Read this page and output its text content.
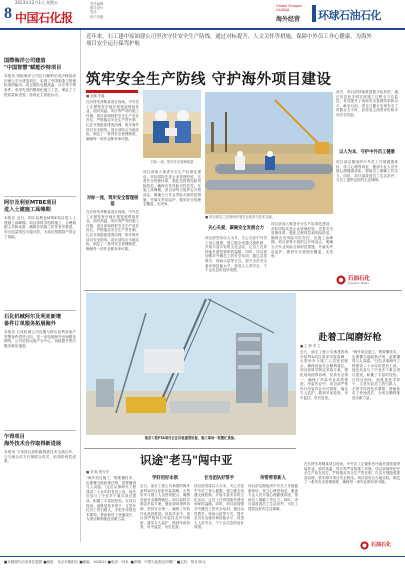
8
2023年12月1日 星期五
中国石化报
责任编辑：
版式设计：
电话：
电子信箱：
Global Sinopec
GLOBAL
海外经营 环球石油石化
国際海洋公司建造
"中国智慧"赋能沙特项目
本报讯 国际海洋公司近日顺利完成沙特某油田海上平台建造项目，实现了中国制造与管理标准的输出。项目团队克服高温、沙尘等不利条件，采用先进的模块化施工工艺，保证了工程质量和进度，得到业主高度认可。
阿尔及利亚MTBE项目
进入土建施工高峰期
本报讯 近日，阿尔及利亚MTBE项目进入土建施工高峰期。项目部科学组织施工，合理调配人员和设备，确保各项施工任务有序推进，安全质量管控平稳可控，为项目按期投产奠定了基础。
石化机械阿尔及利亚新增
备件订单服务拓展海外
本报讯 石化机械公司近期与阿尔及利亚客户签署备件供货合同，进一步拓展海外市场服务网络。公司坚持以客户为中心，持续提升售后服务响应速度。
乍得项目
海外技术合作取得新进展
本报讯 乍得项目部积极推进技术交流合作，与当地合作方开展联合攻关，取得阶段性成果。
近年来，石工建中原油建公司坚决守住安全生产防线，通过对标提升、人文关怀等措施，保障中外员工身心健康，为海外项目安全运行保驾护航
筑牢安全生产防线 守护海外项目建设
■ 赵鹏 李鑫
在沙特朱拜勒某项目现场，中外员工正紧张有序地开展管道焊接作业。面对高温、风沙等严苛的施工环境，项目部始终把安全生产放在首位，严格落实安全生产责任制，扎实开展隐患排查治理，筑牢海外项目安全防线。项目部结合当地实际，制定了一系列安全管理制度，确保每一项作业都有章可循。
对标一流，筑牢安全管理根基
在沙特朱拜勒某项目现场，中外员工正紧张有序地开展管道焊接作业。面对高温、风沙等严苛的施工环境，项目部始终把安全生产放在首位，严格落实安全生产责任制，扎实开展隐患排查治理，筑牢海外项目安全防线。项目部结合当地实际，制定了一系列安全管理制度，确保每一项作业都有章可循。
对标一流，筑牢安全管理根基
项目部深入推进安全生产标准化建设，对标国际先进企业管理经验，完善安全管理体系，强化过程管控和风险防范，确保各类风险可控在控。在施工高峰期，项目部每天组织召开班前会，明确当天作业风险点和防范措施，并落实旁站监护，做到安全管理全覆盖、无死角。
■ 项目部员工在现场开展安全检查与技术交流。
此外，项目部持续推进数字化转型，通过信息化手段实现施工过程全方位监控，有效提升了现场安全管理效率和水平。截至目前，项目已累计实现安全工时数百万小时，获得业主高度评价和多项安全奖励。
以人为本，守护中外员工健康
项目部定期组织中外员工开展健康体检，设立心理咨询室，邀请专业人员开展心理健康讲座，帮助员工缓解工作压力。同时，项目部改善员工生活条件，为员工提供良好的生活保障。
关心关爱，凝聚安全发展合力
项目部坚持以人为本，关心关爱中外员工身心健康，建立健全沟通交流机制，开展丰富多彩的文化活动，让员工在异国他乡感受到家的温暖。同时，项目部加强对外籍员工的安全培训，通过双语教学、现场示范等方式，提升全员安全意识和技能水平，营造人人讲安全、个个会应急的良好氛围。
项目部深入推进安全生产标准化建设，对标国际先进企业管理经验，完善安全管理体系，强化过程管控和风险防范，确保各类风险可控在控。在施工高峰期，项目部每天组织召开班前会，明确当天作业风险点和防范措施，并落实旁站监护，做到安全管理全覆盖、无死角。
石油石化
Sinopec News
南京工程PTA项目正在吊装重型设备，施工现场一派繁忙景象。
赴着工闻磨好枪
■ 王 静 李 立
近日，南京工程公司承建的海外某PTA项目迎来吊装高峰，大型吊车与施工人员密切配合，确保设备安全顺利就位。项目部科学制定吊装方案，强化现场指挥协调，坚持安全第一，确保了吊装作业高效推进。吊装作业中，项目部严格执行吊装作业许可制度，落实专人监护，做到吊前检查、吊中监控、吊后复查。
"海外项目施工，既要懂技术，也要懂当地政策法规，更要懂得与人沟通。"这位从事海外工程建设二十余年的老员工说。他先后参与了中亚多个重点项目建设，积累了丰富的经验。在项目现场，他既是技术骨干，又是年轻员工的引路人，手把手传授技术要领，帮助新员工快速成长，为项目顺利推进贡献力量。
识途"老马"闯中亚
■ 刘 畅 贾光华
"海外项目施工，既要懂技术，也要懂当地政策法规，更要懂得与人沟通。"这位从事海外工程建设二十余年的老员工说。他先后参与了中亚多个重点项目建设，积累了丰富的经验。在项目现场，他既是技术骨干，又是年轻员工的引路人，手把手传授技术要领，帮助新员工快速成长，为项目顺利推进贡献力量。
学好用好本领
近日，南京工程公司承建的海外某PTA项目迎来吊装高峰，大型吊车与施工人员密切配合，确保设备安全顺利就位。项目部科学制定吊装方案，强化现场指挥协调，坚持安全第一，确保了吊装作业高效推进。吊装作业中，项目部严格执行吊装作业许可制度，落实专人监护，做到吊前检查、吊中监控、吊后复查。
甘当团队好帮手
项目部坚持以人为本，关心关爱中外员工身心健康，建立健全沟通交流机制，开展丰富多彩的文化活动，让员工在异国他乡感受到家的温暖。同时，项目部加强对外籍员工的安全培训，通过双语教学、现场示范等方式，提升全员安全意识和技能水平，营造人人讲安全、个个会应急的良好氛围。
传帮带育新人
项目部定期组织中外员工开展健康体检，设立心理咨询室，邀请专业人员开展心理健康讲座，帮助员工缓解工作压力。同时，项目部改善员工生活条件，为员工提供良好的生活保障。
在沙特朱拜勒某项目现场，中外员工正紧张有序地开展管道焊接作业。面对高温、风沙等严苛的施工环境，项目部始终把安全生产放在首位，严格落实安全生产责任制，扎实开展隐患排查治理，筑牢海外项目安全防线。项目部结合当地实际，制定了一系列安全管理制度，确保每一项作业都有章可循。
石油石化
■本版图片由各单位提供 ■地址：北京市朝阳区 ■邮编：100011 ■电话：010- ■印刷：中国石化报社印刷厂 ■定价：每月30元
